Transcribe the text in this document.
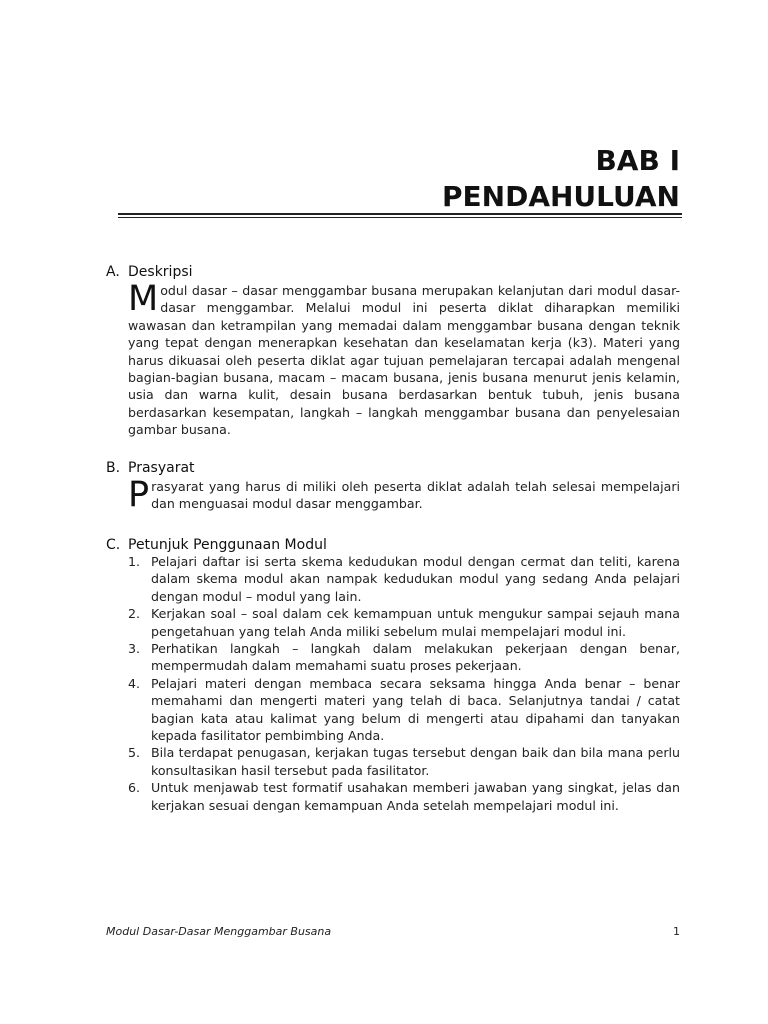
BAB I
PENDAHULUAN
A. Deskripsi
Modul dasar – dasar menggambar busana merupakan kelanjutan dari modul dasar-dasar menggambar. Melalui modul ini peserta diklat diharapkan memiliki wawasan dan ketrampilan yang memadai dalam menggambar busana dengan teknik yang tepat dengan menerapkan kesehatan dan keselamatan kerja (k3). Materi yang harus dikuasai oleh peserta diklat agar tujuan pemelajaran tercapai adalah mengenal bagian-bagian busana, macam – macam busana, jenis busana menurut jenis kelamin, usia dan warna kulit, desain busana berdasarkan bentuk tubuh, jenis busana berdasarkan kesempatan, langkah – langkah menggambar busana dan penyelesaian gambar busana.
B. Prasyarat
Prasyarat yang harus di miliki oleh peserta diklat adalah telah selesai mempelajari dan menguasai modul dasar menggambar.
C. Petunjuk Penggunaan Modul
1. Pelajari daftar isi serta skema kedudukan modul dengan cermat dan teliti, karena dalam skema modul akan nampak kedudukan modul yang sedang Anda pelajari dengan modul – modul yang lain.
2. Kerjakan soal – soal dalam cek kemampuan untuk mengukur sampai sejauh mana pengetahuan yang telah Anda miliki sebelum mulai mempelajari modul ini.
3. Perhatikan langkah – langkah dalam melakukan pekerjaan dengan benar, mempermudah dalam memahami suatu proses pekerjaan.
4. Pelajari materi dengan membaca secara seksama hingga Anda benar – benar memahami dan mengerti materi yang telah di baca. Selanjutnya tandai / catat bagian kata atau kalimat yang belum di mengerti atau dipahami dan tanyakan kepada fasilitator pembimbing Anda.
5. Bila terdapat penugasan, kerjakan tugas tersebut dengan baik dan bila mana perlu konsultasikan hasil tersebut pada fasilitator.
6. Untuk menjawab test formatif usahakan memberi jawaban yang singkat, jelas dan kerjakan sesuai dengan kemampuan Anda setelah mempelajari modul ini.
Modul Dasar-Dasar Menggambar Busana	1
